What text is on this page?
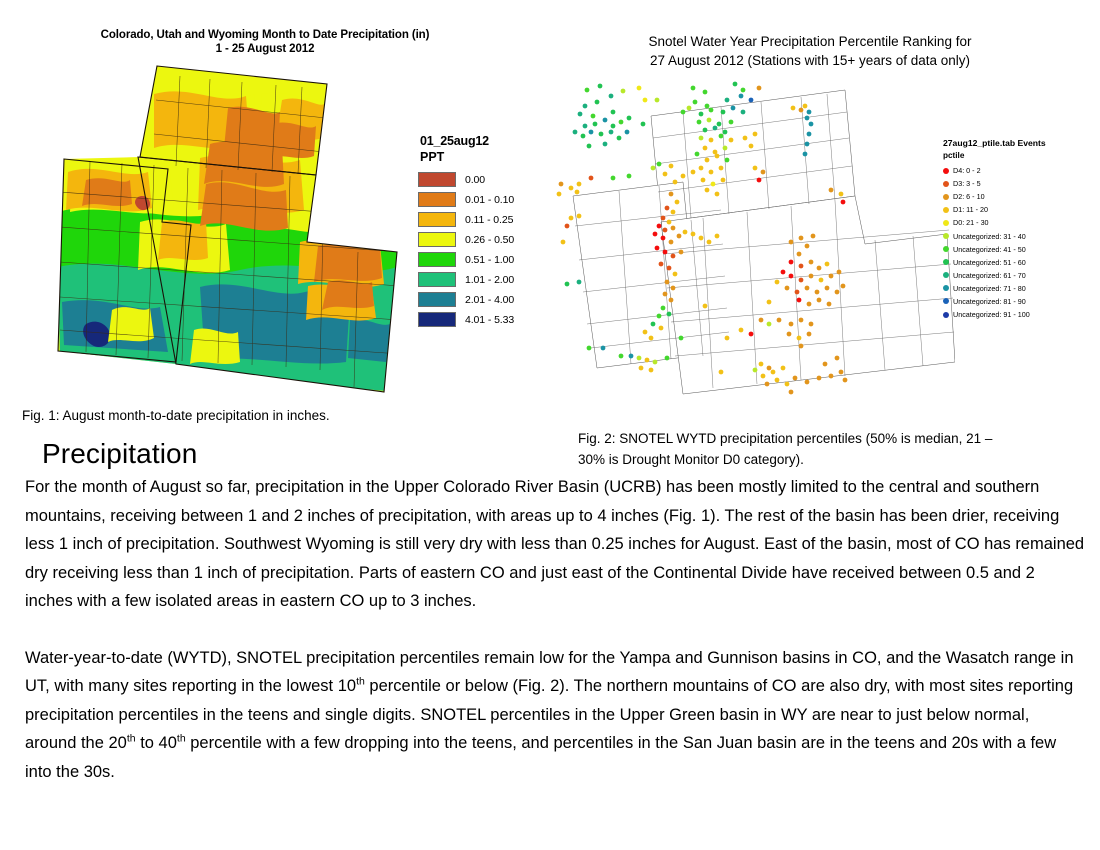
Colorado, Utah and Wyoming Month to Date Precipitation (in)
1 - 25 August 2012
01_25aug12
PPT
0.00
0.01 - 0.10
0.11 - 0.25
0.26 - 0.50
0.51 - 1.00
1.01 - 2.00
2.01 - 4.00
4.01 - 5.33
Snotel Water Year Precipitation Percentile Ranking for
27 August 2012 (Stations with 15+ years of data only)
27aug12_ptile.tab Events
pctile
D4: 0 - 2
D3: 3 - 5
D2: 6 - 10
D1: 11 - 20
D0: 21 - 30
Uncategorized: 31 - 40
Uncategorized: 41 - 50
Uncategorized: 51 - 60
Uncategorized: 61 - 70
Uncategorized: 71 - 80
Uncategorized: 81 - 90
Uncategorized: 91 - 100
Fig. 1: August month-to-date precipitation in inches.
Fig. 2: SNOTEL WYTD precipitation percentiles (50% is median, 21 – 30% is Drought Monitor D0 category).
Precipitation

For the month of August so far, precipitation in the Upper Colorado River Basin (UCRB) has been mostly limited to the central and southern mountains, receiving between 1 and 2 inches of precipitation, with areas up to 4 inches (Fig. 1). The rest of the basin has been drier, receiving less 1 inch of precipitation. Southwest Wyoming is still very dry with less than 0.25 inches for August. East of the basin, most of CO has remained dry receiving less than 1 inch of precipitation. Parts of eastern CO and just east of the Continental Divide have received between 0.5 and 2 inches with a few isolated areas in eastern CO up to 3 inches.

Water-year-to-date (WYTD), SNOTEL precipitation percentiles remain low for the Yampa and Gunnison basins in CO, and the Wasatch range in UT, with many sites reporting in the lowest 10th percentile or below (Fig. 2). The northern mountains of CO are also dry, with most sites reporting precipitation percentiles in the teens and single digits. SNOTEL percentiles in the Upper Green basin in WY are near to just below normal, around the 20th to 40th percentile with a few dropping into the teens, and percentiles in the San Juan basin are in the teens and 20s with a few into the 30s.
